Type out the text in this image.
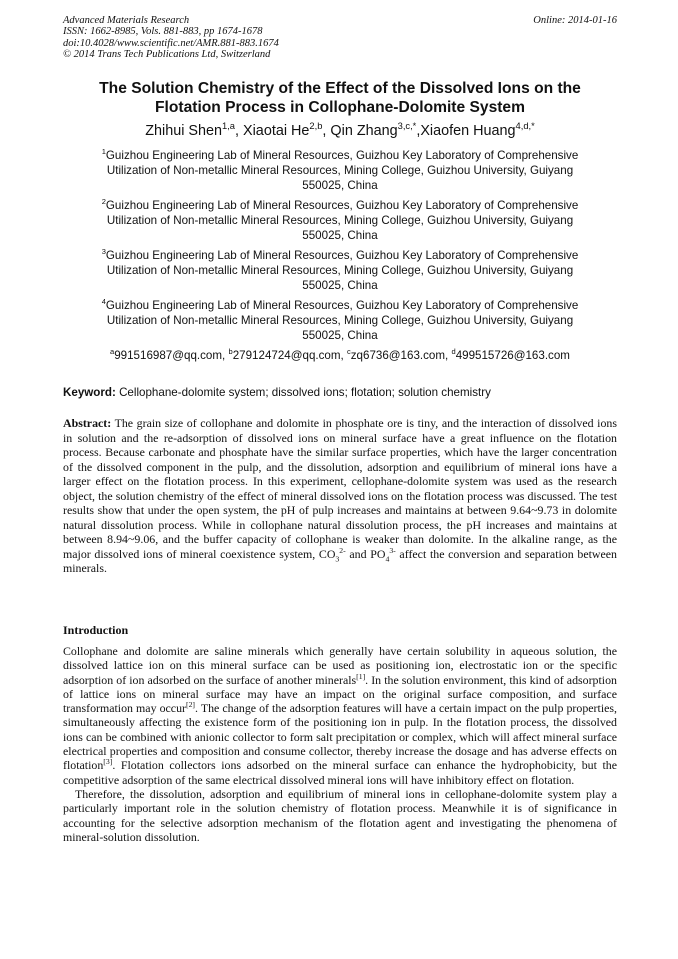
Advanced Materials Research
ISSN: 1662-8985, Vols. 881-883, pp 1674-1678
doi:10.4028/www.scientific.net/AMR.881-883.1674
© 2014 Trans Tech Publications Ltd, Switzerland
Online: 2014-01-16
The Solution Chemistry of the Effect of the Dissolved Ions on the
Flotation Process in Collophane-Dolomite System
Zhihui Shen$^{1,a}$, Xiaotai He$^{2,b}$, Qin Zhang$^{3,c,*}$,Xiaofen Huang$^{4,d,*}$
$^1$Guizhou Engineering Lab of Mineral Resources, Guizhou Key Laboratory of Comprehensive
Utilization of Non-metallic Mineral Resources, Mining College, Guizhou University, Guiyang
550025, China
$^2$Guizhou Engineering Lab of Mineral Resources, Guizhou Key Laboratory of Comprehensive
Utilization of Non-metallic Mineral Resources, Mining College, Guizhou University, Guiyang
550025, China
$^3$Guizhou Engineering Lab of Mineral Resources, Guizhou Key Laboratory of Comprehensive
Utilization of Non-metallic Mineral Resources, Mining College, Guizhou University, Guiyang
550025, China
$^4$Guizhou Engineering Lab of Mineral Resources, Guizhou Key Laboratory of Comprehensive
Utilization of Non-metallic Mineral Resources, Mining College, Guizhou University, Guiyang
550025, China
$^a$991516987@qq.com, $^b$279124724@qq.com, $^c$zq6736@163.com, $^d$499515726@163.com
Keyword: Cellophane-dolomite system; dissolved ions; flotation; solution chemistry
Abstract: The grain size of collophane and dolomite in phosphate ore is tiny, and the interaction of dissolved ions in solution and the re-adsorption of dissolved ions on mineral surface have a great influence on the flotation process. Because carbonate and phosphate have the similar surface properties, which have the larger concentration of the dissolved component in the pulp, and the dissolution, adsorption and equilibrium of mineral ions have a larger effect on the flotation process. In this experiment, cellophane-dolomite system was used as the research object, the solution chemistry of the effect of mineral dissolved ions on the flotation process was discussed. The test results show that under the open system, the pH of pulp increases and maintains at between 9.64~9.73 in dolomite natural dissolution process. While in collophane natural dissolution process, the pH increases and maintains at between 8.94~9.06, and the buffer capacity of collophane is weaker than dolomite. In the alkaline range, as the major dissolved ions of mineral coexistence system, $CO_3^{2-}$ and $PO_4^{3-}$ affect the conversion and separation between minerals.
Introduction

Collophane and dolomite are saline minerals which generally have certain solubility in aqueous solution, the dissolved lattice ion on this mineral surface can be used as positioning ion, electrostatic ion or the specific adsorption of ion adsorbed on the surface of another minerals[1]. In the solution environment, this kind of adsorption of lattice ions on mineral surface may have an impact on the original surface composition, and surface transformation may occur[2]. The change of the adsorption features will have a certain impact on the pulp properties, simultaneously affecting the existence form of the positioning ion in pulp. In the flotation process, the dissolved ions can be combined with anionic collector to form salt precipitation or complex, which will affect mineral surface electrical properties and composition and consume collector, thereby increase the dosage and has adverse effects on flotation[3]. Flotation collectors ions adsorbed on the mineral surface can enhance the hydrophobicity, but the competitive adsorption of the same electrical dissolved mineral ions will have inhibitory effect on flotation.

Therefore, the dissolution, adsorption and equilibrium of mineral ions in cellophane-dolomite system play a particularly important role in the solution chemistry of flotation process. Meanwhile it is of significance in accounting for the selective adsorption mechanism of the flotation agent and investigating the phenomena of mineral-solution dissolution.
